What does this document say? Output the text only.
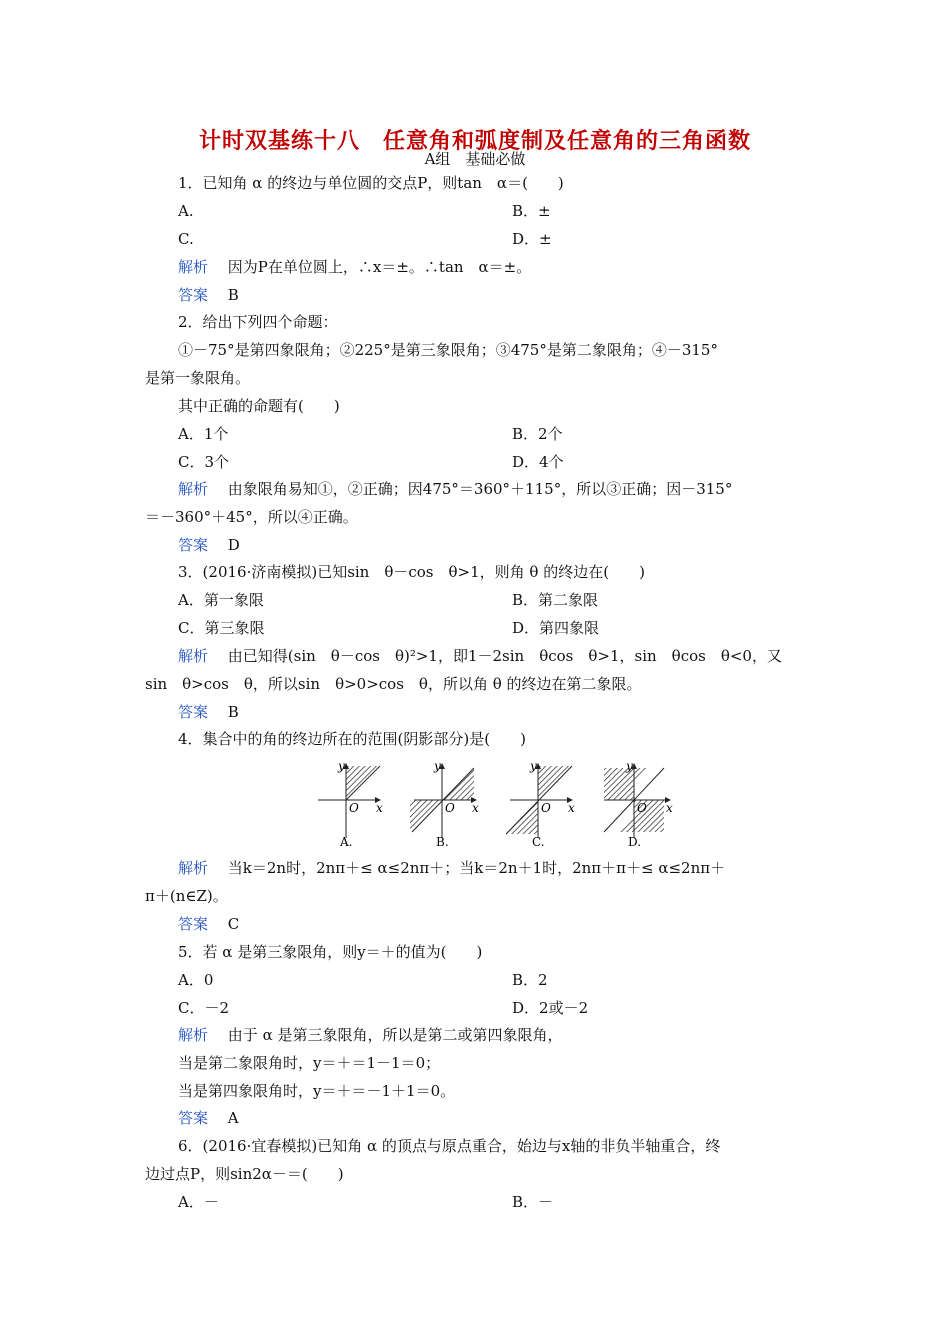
计时双基练十八　任意角和弧度制及任意角的三角函数
A组　基础必做
1．已知角 α 的终边与单位圆的交点P，则tan　α＝(　　)
A.	B．±
C.	D．±
解析　 因为P在单位圆上，∴x＝±。∴tan　α＝±。
答案　 B
2．给出下列四个命题：
①－75°是第四象限角；②225°是第三象限角；③475°是第二象限角；④－315°
是第一象限角。
其中正确的命题有(　　)
A．1个	B．2个
C．3个	D．4个
解析　 由象限角易知①，②正确；因475°＝360°＋115°，所以③正确；因－315°
＝－360°＋45°，所以④正确。
答案　 D
3．(2016·济南模拟)已知sin　θ－cos　θ>1，则角 θ 的终边在(　　)
A．第一象限	B．第二象限
C．第三象限	D．第四象限
解析　 由已知得(sin　θ－cos　θ)²>1，即1－2sin　θcos　θ>1，sin　θcos　θ<0，又
sin　θ>cos　θ，所以sin　θ>0>cos　θ，所以角 θ 的终边在第二象限。
答案　 B
4．集合中的角的终边所在的范围(阴影部分)是(　　)
y
x
O
A.
y
x
O
B.
y
x
O
C.
y
x
O
D.
解析　 当k＝2n时，2nπ＋≤ α≤2nπ＋；当k＝2n＋1时，2nπ＋π＋≤ α≤2nπ＋
π＋(n∈Z)。
答案　 C
5．若 α 是第三象限角，则y＝＋的值为(　　)
A．0	B．2
C．－2	D．2或－2
解析　 由于 α 是第三象限角，所以是第二或第四象限角，
当是第二象限角时，y＝＋＝1－1＝0；
当是第四象限角时，y＝＋＝－1＋1＝0。
答案　 A
6．(2016·宜春模拟)已知角 α 的顶点与原点重合，始边与x轴的非负半轴重合，终
边过点P，则sin2α－＝(　　)
A．－	B．－
